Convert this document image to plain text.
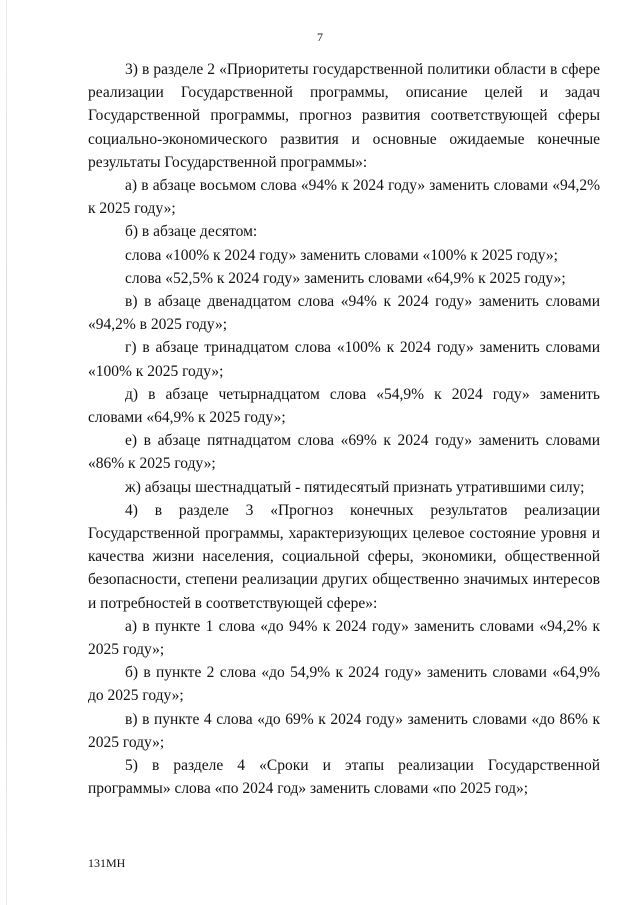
7

3) в разделе 2 «Приоритеты государственной политики области в сфере реализации Государственной программы, описание целей и задач Государственной программы, прогноз развития соответствующей сферы социально-экономического развития и основные ожидаемые конечные результаты Государственной программы»:

а) в абзаце восьмом слова «94% к 2024 году» заменить словами «94,2% к 2025 году»;

б) в абзаце десятом:

слова «100% к 2024 году» заменить словами «100% к 2025 году»;

слова «52,5% к 2024 году» заменить словами «64,9% к 2025 году»;

в) в абзаце двенадцатом слова «94% к 2024 году» заменить словами «94,2% в 2025 году»;

г) в абзаце тринадцатом слова «100% к 2024 году» заменить словами «100% к 2025 году»;

д) в абзаце четырнадцатом слова «54,9% к 2024 году» заменить словами «64,9% к 2025 году»;

е) в абзаце пятнадцатом слова «69% к 2024 году» заменить словами «86% к 2025 году»;

ж) абзацы шестнадцатый - пятидесятый признать утратившими силу;

4) в разделе 3 «Прогноз конечных результатов реализации Государственной программы, характеризующих целевое состояние уровня и качества жизни населения, социальной сферы, экономики, общественной безопасности, степени реализации других общественно значимых интересов и потребностей в соответствующей сфере»:

а) в пункте 1 слова «до 94% к 2024 году» заменить словами «94,2% к 2025 году»;

б) в пункте 2 слова «до 54,9% к 2024 году» заменить словами «64,9% до 2025 году»;

в) в пункте 4 слова «до 69% к 2024 году» заменить словами «до 86% к 2025 году»;

5) в разделе 4 «Сроки и этапы реализации Государственной программы» слова «по 2024 год» заменить словами «по 2025 год»;

131МН
